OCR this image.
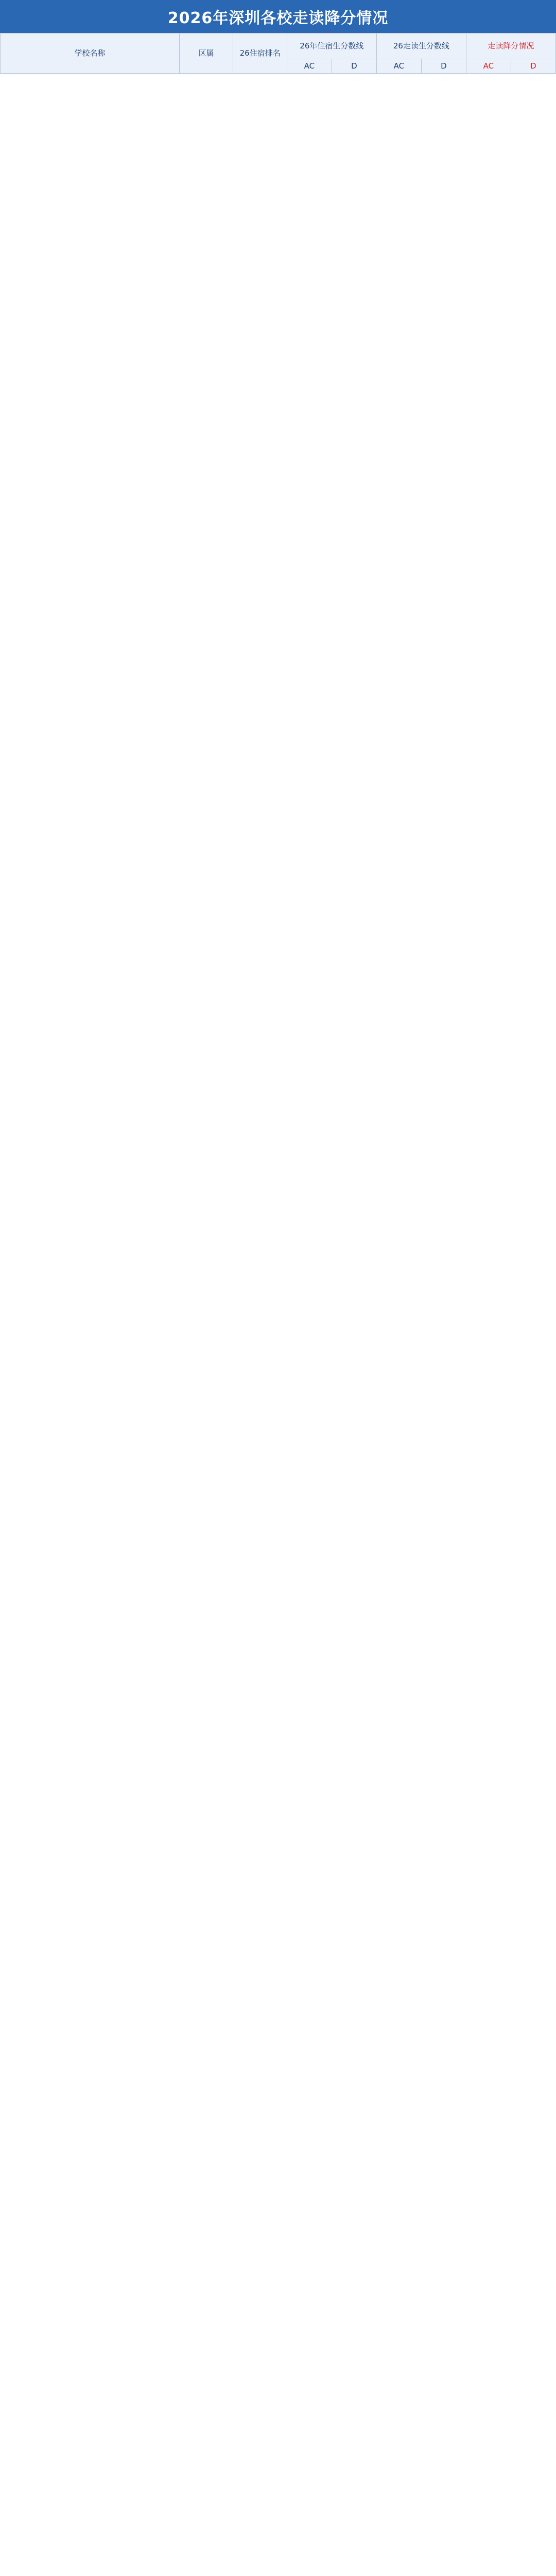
2026年深圳各校走读降分情况
学校名称	区属	26住宿排名	26年住宿生分数线		26走读生分数线		走读降分情况	
			AC	D	AC	D	AC	D
